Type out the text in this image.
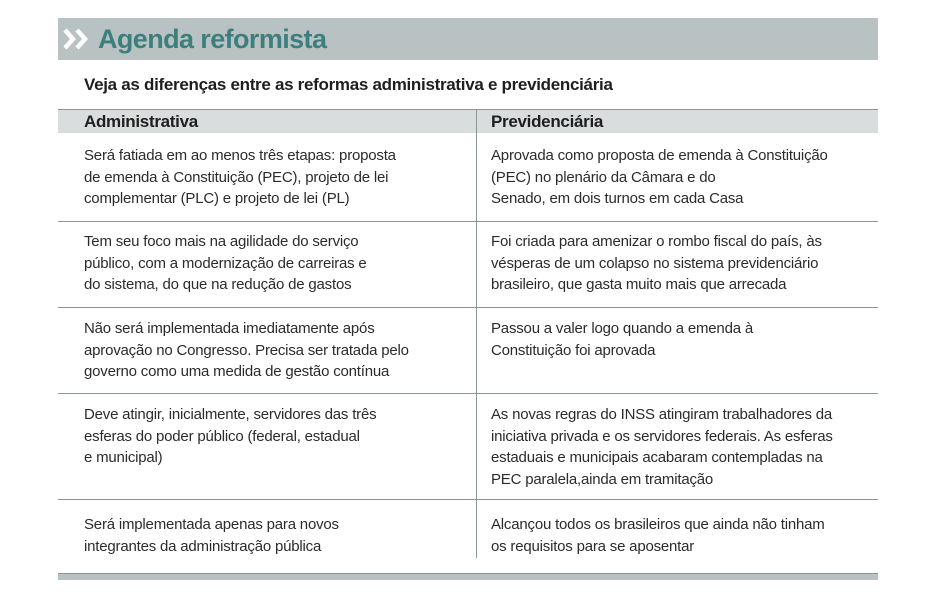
Agenda reformista
Veja as diferenças entre as reformas administrativa e previdenciária
Administrativa	Previdenciária
Será fatiada em ao menos três etapas: proposta
de emenda à Constituição (PEC), projeto de lei
complementar (PLC) e projeto de lei (PL)
Aprovada como proposta de emenda à Constituição
(PEC) no plenário da Câmara e do
Senado, em dois turnos em cada Casa
Tem seu foco mais na agilidade do serviço
público, com a modernização de carreiras e
do sistema, do que na redução de gastos
Foi criada para amenizar o rombo fiscal do país, às
vésperas de um colapso no sistema previdenciário
brasileiro, que gasta muito mais que arrecada
Não será implementada imediatamente após
aprovação no Congresso. Precisa ser tratada pelo
governo como uma medida de gestão contínua
Passou a valer logo quando a emenda à
Constituição foi aprovada
Deve atingir, inicialmente, servidores das três
esferas do poder público (federal, estadual
e municipal)
As novas regras do INSS atingiram trabalhadores da
iniciativa privada e os servidores federais. As esferas
estaduais e municipais acabaram contempladas na
PEC paralela,ainda em tramitação
Será implementada apenas para novos
integrantes da administração pública
Alcançou todos os brasileiros que ainda não tinham
os requisitos para se aposentar
